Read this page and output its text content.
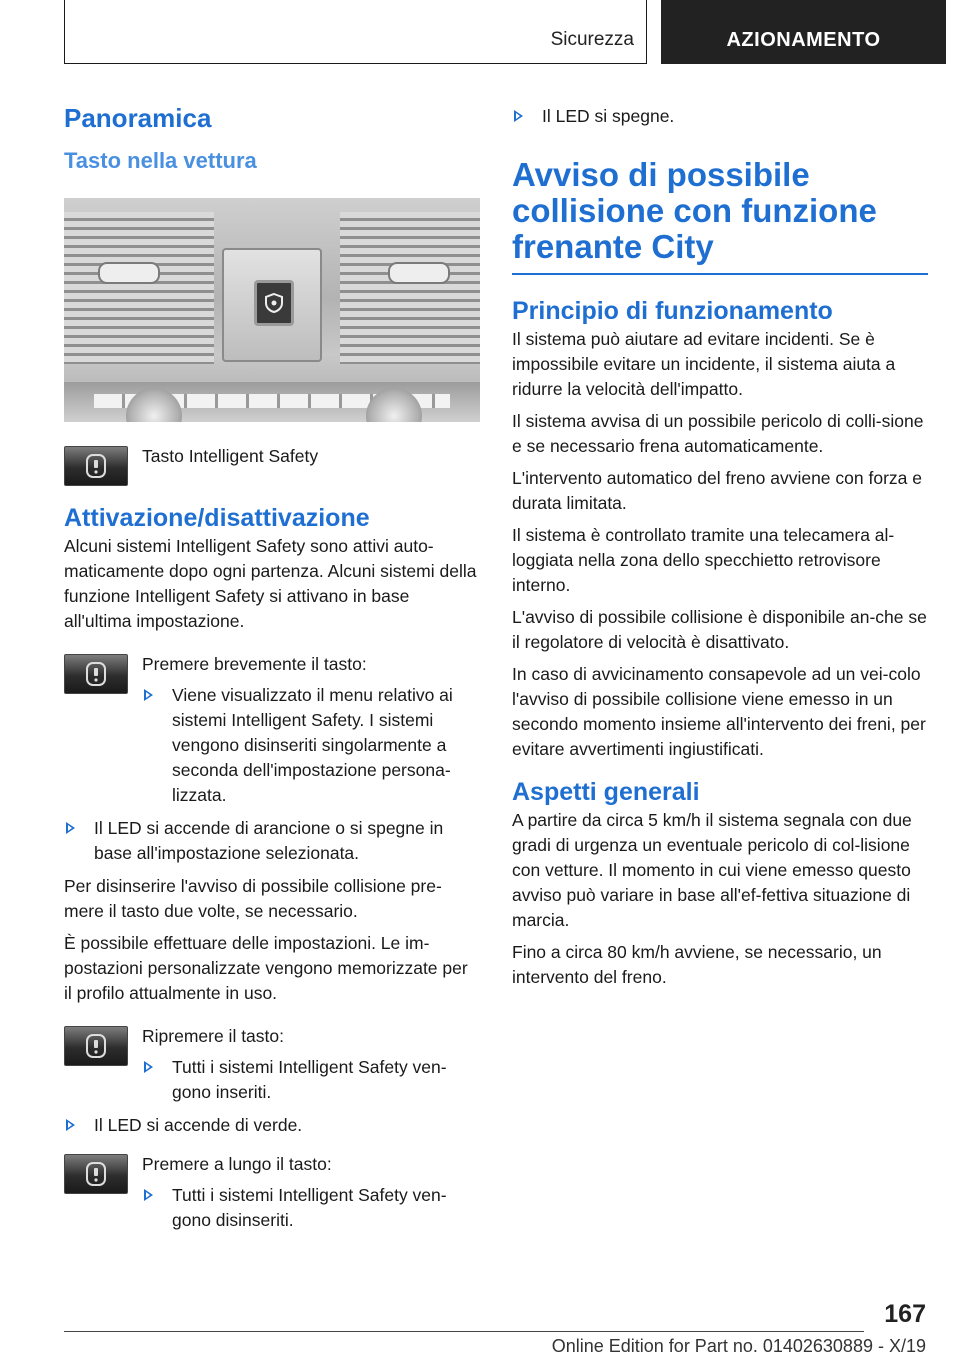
Sicurezza	AZIONAMENTO
Panoramica
Tasto nella vettura

Tasto Intelligent Safety

Attivazione/disattivazione

Alcuni sistemi Intelligent Safety sono attivi auto-maticamente dopo ogni partenza. Alcuni sistemi della funzione Intelligent Safety si attivano in base all'ultima impostazione.

Premere brevemente il tasto:

Viene visualizzato il menu relativo ai sistemi Intelligent Safety. I sistemi vengono disinseriti singolarmente a seconda dell'impostazione persona-lizzata.
Il LED si accende di arancione o si spegne in base all'impostazione selezionata.

Per disinserire l'avviso di possibile collisione pre-mere il tasto due volte, se necessario.

È possibile effettuare delle impostazioni. Le im-postazioni personalizzate vengono memorizzate per il profilo attualmente in uso.

Ripremere il tasto:

Tutti i sistemi Intelligent Safety ven-gono inseriti.
Il LED si accende di verde.

Premere a lungo il tasto:

Tutti i sistemi Intelligent Safety ven-gono disinseriti.
Il LED si spegne.
Avviso di possibile collisione con funzione frenante City
Principio di funzionamento

Il sistema può aiutare ad evitare incidenti. Se è impossibile evitare un incidente, il sistema aiuta a ridurre la velocità dell'impatto.

Il sistema avvisa di un possibile pericolo di colli-sione e se necessario frena automaticamente.

L'intervento automatico del freno avviene con forza e durata limitata.

Il sistema è controllato tramite una telecamera al-loggiata nella zona dello specchietto retrovisore interno.

L'avviso di possibile collisione è disponibile an-che se il regolatore di velocità è disattivato.

In caso di avvicinamento consapevole ad un vei-colo l'avviso di possibile collisione viene emesso in un secondo momento insieme all'intervento dei freni, per evitare avvertimenti ingiustificati.

Aspetti generali

A partire da circa 5 km/h il sistema segnala con due gradi di urgenza un eventuale pericolo di col-lisione con vetture. Il momento in cui viene emesso questo avviso può variare in base all'ef-fettiva situazione di marcia.

Fino a circa 80 km/h avviene, se necessario, un intervento del freno.

167
Online Edition for Part no. 01402630889 - X/19
